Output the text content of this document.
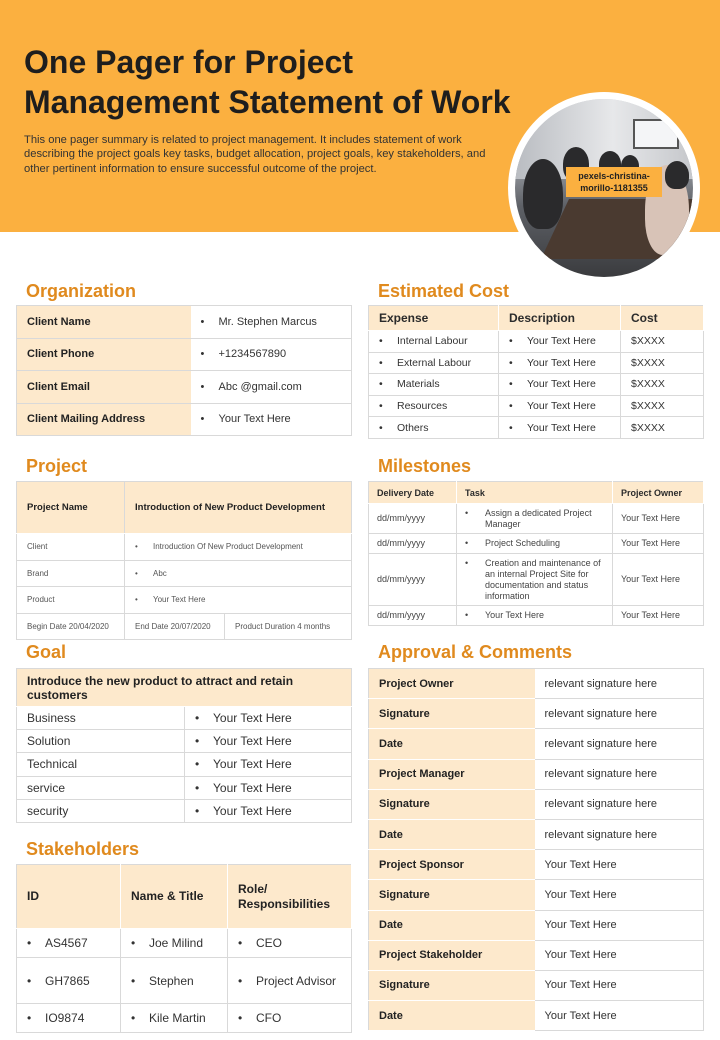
One Pager for Project Management Statement of Work

This one pager summary is related to project management. It includes statement of work describing the project goals key tasks, budget allocation, project goals, key stakeholders, and other pertinent information to ensure successful outcome of the project.

pexels-christina-morillo-1181355
Organization
Client Name	• Mr. Stephen Marcus
Client Phone	• +1234567890
Client Email	• Abc @gmail.com
Client Mailing Address	• Your Text Here
Estimated Cost
Expense	Description	Cost
• Internal Labour	• Your Text Here	$XXXX
• External Labour	• Your Text Here	$XXXX
• Materials	• Your Text Here	$XXXX
• Resources	• Your Text Here	$XXXX
• Others	• Your Text Here	$XXXX
Project
Project Name	Introduction of New Product Development	
Client	• Introduction Of New Product Development
Brand	• Abc
Product	• Your Text Here
Begin Date 20/04/2020	End Date 20/07/2020	Product Duration 4 months
Milestones
Delivery Date	Task	Project Owner
dd/mm/yyyy	• Assign a dedicated Project Manager	Your Text Here
dd/mm/yyyy	• Project Scheduling	Your Text Here
dd/mm/yyyy	• Creation and maintenance of an internal Project Site for documentation and status information	Your Text Here
dd/mm/yyyy	• Your Text Here	Your Text Here
Goal
Introduce the new product to attract and retain customers	
Business	• Your Text Here
Solution	• Your Text Here
Technical	• Your Text Here
service	• Your Text Here
security	• Your Text Here
Stakeholders
ID	Name & Title	Role/ Responsibilities
• AS4567	• Joe Milind	• CEO
• GH7865	• Stephen	• Project Advisor
• IO9874	• Kile Martin	• CFO
Approval & Comments
Project Owner	relevant signature here
Signature	relevant signature here
Date	relevant signature here
Project Manager	relevant signature here
Signature	relevant signature here
Date	relevant signature here
Project Sponsor	Your Text Here
Signature	Your Text Here
Date	Your Text Here
Project Stakeholder	Your Text Here
Signature	Your Text Here
Date	Your Text Here
